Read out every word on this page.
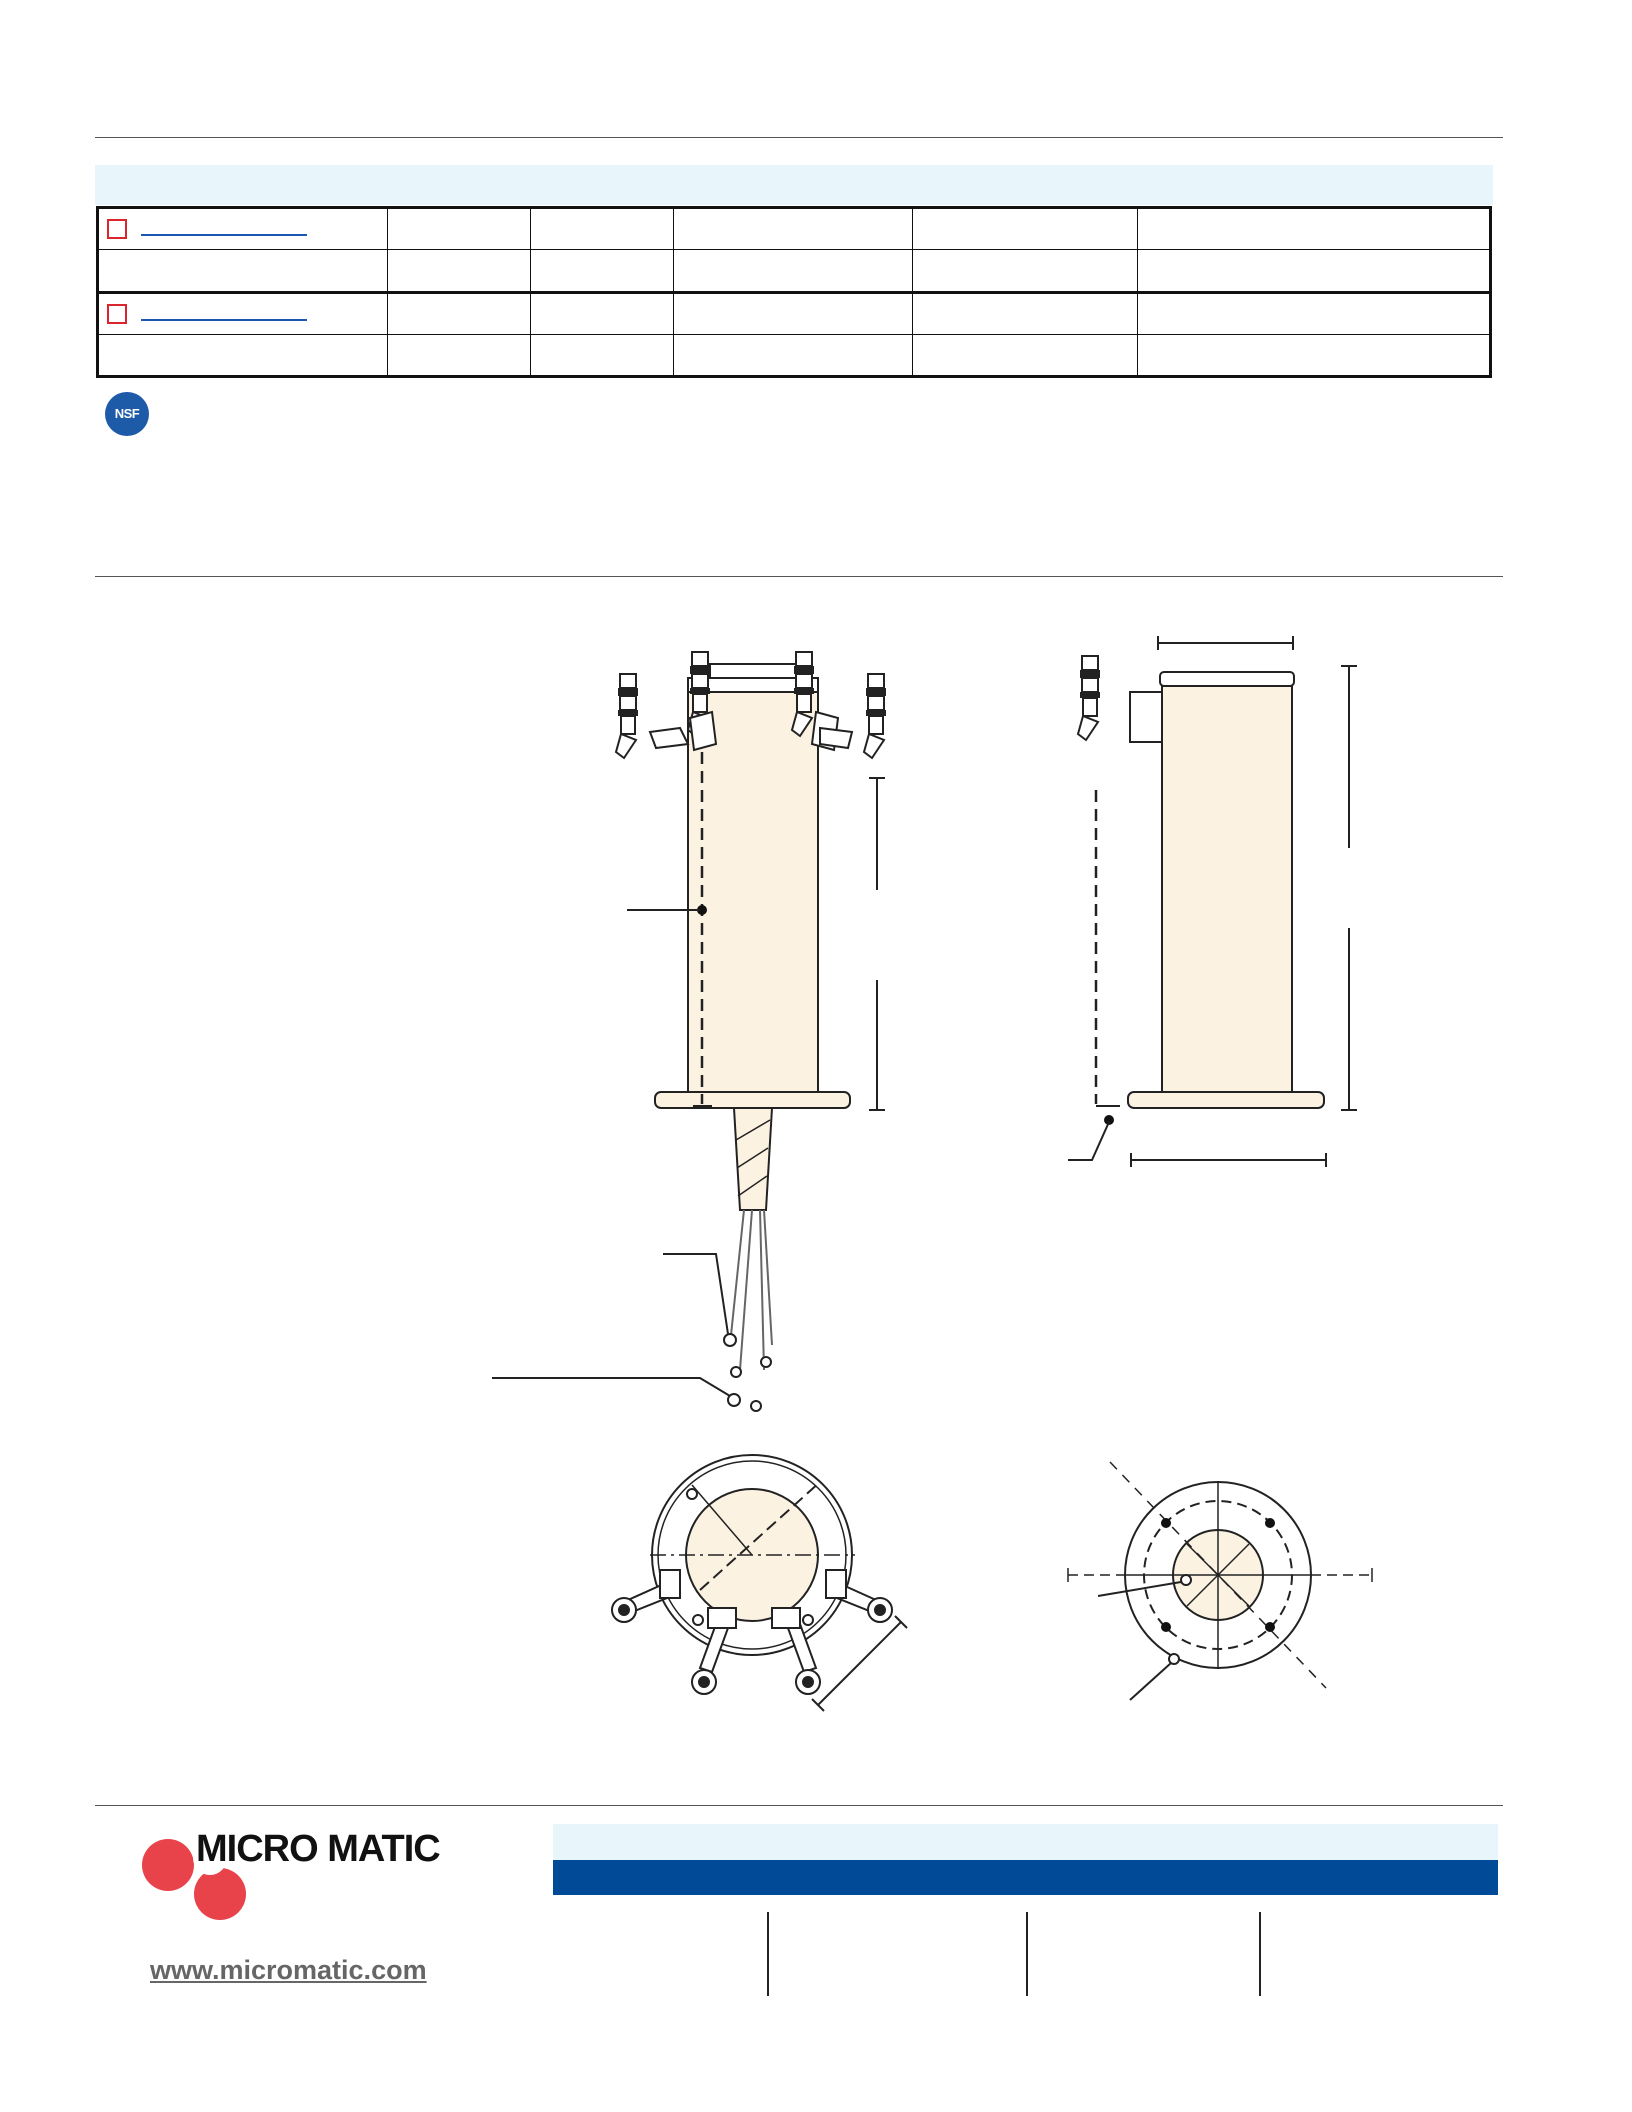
NSF
MICRO MATIC
www.micromatic.com
